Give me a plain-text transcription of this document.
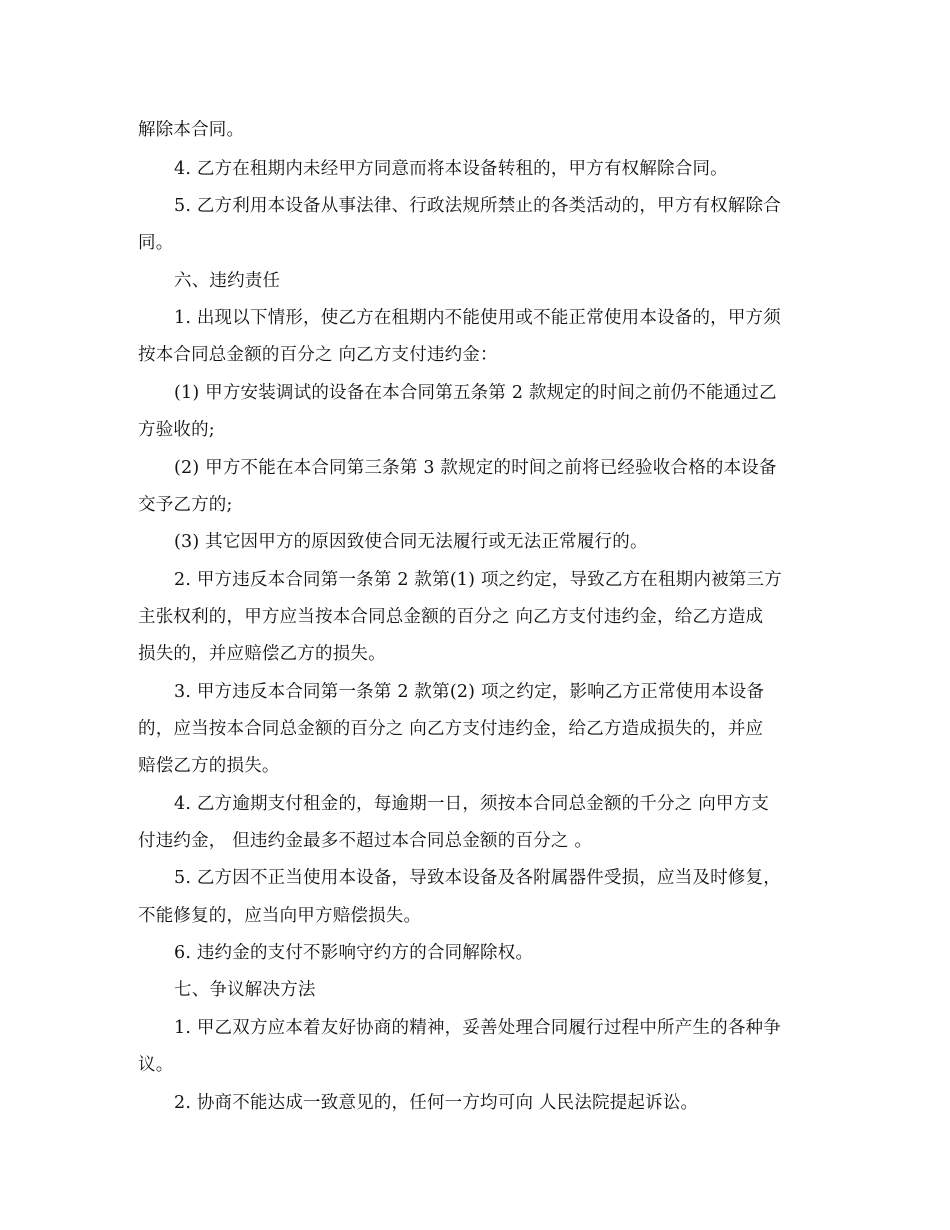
解除本合同。
4. 乙方在租期内未经甲方同意而将本设备转租的，甲方有权解除合同。
5. 乙方利用本设备从事法律、行政法规所禁止的各类活动的，甲方有权解除合
同。
六、违约责任
1. 出现以下情形，使乙方在租期内不能使用或不能正常使用本设备的，甲方须
按本合同总金额的百分之 向乙方支付违约金：
(1) 甲方安装调试的设备在本合同第五条第 2 款规定的时间之前仍不能通过乙
方验收的;
(2) 甲方不能在本合同第三条第 3 款规定的时间之前将已经验收合格的本设备
交予乙方的;
(3) 其它因甲方的原因致使合同无法履行或无法正常履行的。
2. 甲方违反本合同第一条第 2 款第(1) 项之约定，导致乙方在租期内被第三方
主张权利的，甲方应当按本合同总金额的百分之 向乙方支付违约金，给乙方造成
损失的，并应赔偿乙方的损失。
3. 甲方违反本合同第一条第 2 款第(2) 项之约定，影响乙方正常使用本设备
的，应当按本合同总金额的百分之 向乙方支付违约金，给乙方造成损失的，并应
赔偿乙方的损失。
4. 乙方逾期支付租金的，每逾期一日，须按本合同总金额的千分之 向甲方支
付违约金， 但违约金最多不超过本合同总金额的百分之 。
5. 乙方因不正当使用本设备，导致本设备及各附属器件受损，应当及时修复，
不能修复的，应当向甲方赔偿损失。
6. 违约金的支付不影响守约方的合同解除权。
七、争议解决方法
1. 甲乙双方应本着友好协商的精神，妥善处理合同履行过程中所产生的各种争
议。
2. 协商不能达成一致意见的，任何一方均可向 人民法院提起诉讼。
